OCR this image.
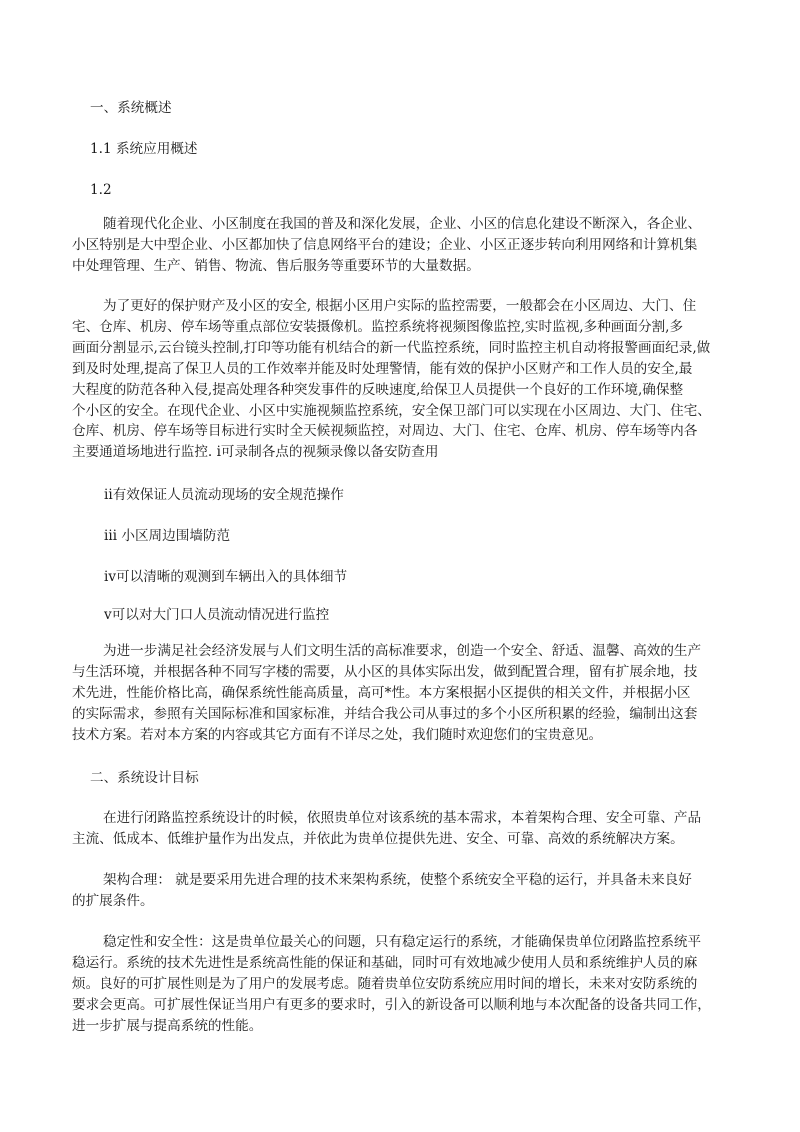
一、系统概述

1.1 系统应用概述

1.2

随着现代化企业、小区制度在我国的普及和深化发展，企业、小区的信息化建设不断深入，各企业、
小区特别是大中型企业、小区都加快了信息网络平台的建设；企业、小区正逐步转向利用网络和计算机集
中处理管理、生产、销售、物流、售后服务等重要环节的大量数据。

为了更好的保护财产及小区的安全, 根据小区用户实际的监控需要，一般都会在小区周边、大门、住
宅、仓库、机房、停车场等重点部位安装摄像机。监控系统将视频图像监控,实时监视,多种画面分割,多
画面分割显示,云台镜头控制,打印等功能有机结合的新一代监控系统，同时监控主机自动将报警画面纪录,做
到及时处理,提高了保卫人员的工作效率并能及时处理警情，能有效的保护小区财产和工作人员的安全,最
大程度的防范各种入侵,提高处理各种突发事件的反映速度,给保卫人员提供一个良好的工作环境,确保整
个小区的安全。在现代企业、小区中实施视频监控系统，安全保卫部门可以实现在小区周边、大门、住宅、
仓库、机房、停车场等目标进行实时全天候视频监控，对周边、大门、住宅、仓库、机房、停车场等内各
主要通道场地进行监控. ⅰ可录制各点的视频录像以备安防查用

ⅱ有效保证人员流动现场的安全规范操作

ⅲ 小区周边围墙防范

ⅳ可以清晰的观测到车辆出入的具体细节

ⅴ可以对大门口人员流动情况进行监控

为进一步满足社会经济发展与人们文明生活的高标准要求，创造一个安全、舒适、温馨、高效的生产
与生活环境，并根据各种不同写字楼的需要，从小区的具体实际出发，做到配置合理，留有扩展余地，技
术先进，性能价格比高，确保系统性能高质量，高可*性。本方案根据小区提供的相关文件，并根据小区
的实际需求，参照有关国际标准和国家标准，并结合我公司从事过的多个小区所积累的经验，编制出这套
技术方案。若对本方案的内容或其它方面有不详尽之处，我们随时欢迎您们的宝贵意见。

二、系统设计目标

在进行闭路监控系统设计的时候，依照贵单位对该系统的基本需求，本着架构合理、安全可靠、产品
主流、低成本、低维护量作为出发点，并依此为贵单位提供先进、安全、可靠、高效的系统解决方案。

架构合理： 就是要采用先进合理的技术来架构系统，使整个系统安全平稳的运行，并具备未来良好
的扩展条件。

稳定性和安全性：这是贵单位最关心的问题，只有稳定运行的系统，才能确保贵单位闭路监控系统平
稳运行。系统的技术先进性是系统高性能的保证和基础，同时可有效地减少使用人员和系统维护人员的麻
烦。良好的可扩展性则是为了用户的发展考虑。随着贵单位安防系统应用时间的增长，未来对安防系统的
要求会更高。可扩展性保证当用户有更多的要求时，引入的新设备可以顺利地与本次配备的设备共同工作，
进一步扩展与提高系统的性能。
